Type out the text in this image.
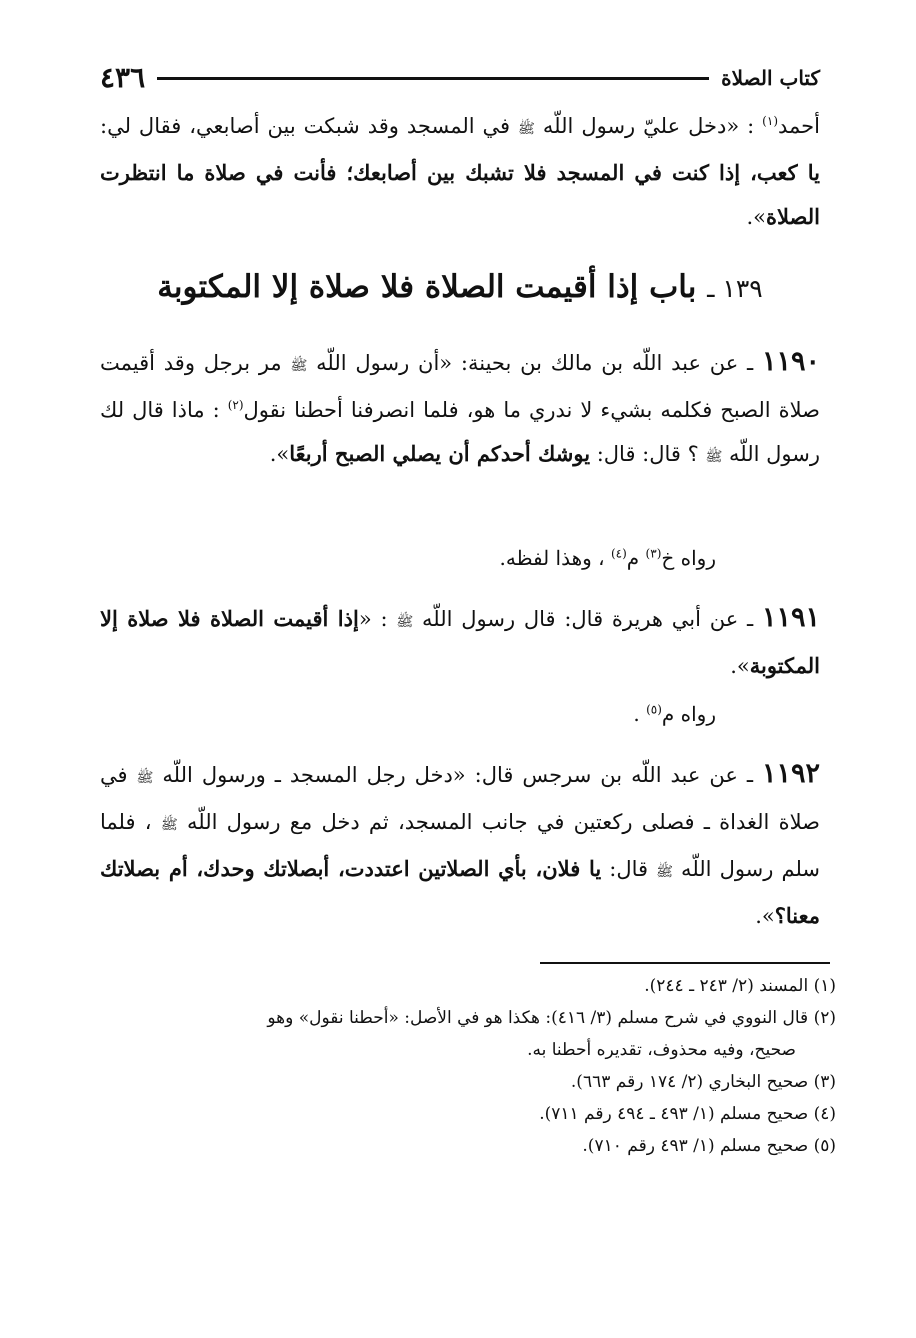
كتاب الصلاة
٤٣٦
أحمد$^{(١)}$ : «دخل عليّ رسول اللّه ﷺ في المسجد وقد شبكت بين أصابعي، فقال لي: يا كعب، إذا كنت في المسجد فلا تشبك بين أصابعك؛ فأنت في صلاة ما انتظرت الصلاة».
١٣٩ ـ باب إذا أقيمت الصلاة فلا صلاة إلا المكتوبة
١١٩٠ ـ عن عبد اللّه بن مالك بن بحينة: «أن رسول اللّه ﷺ مر برجل وقد أقيمت صلاة الصبح فكلمه بشيء لا ندري ما هو، فلما انصرفنا أحطنا نقول$^{(٢)}$ : ماذا قال لك رسول اللّه ﷺ ؟ قال: قال: يوشك أحدكم أن يصلي الصبح أربعًا».
رواه خ$^{(٣)}$ م$^{(٤)}$ ، وهذا لفظه.
١١٩١ ـ عن أبي هريرة قال: قال رسول اللّه ﷺ : «إذا أقيمت الصلاة فلا صلاة إلا المكتوبة».
رواه م$^{(٥)}$ .
١١٩٢ ـ عن عبد اللّه بن سرجس قال: «دخل رجل المسجد ـ ورسول اللّه ﷺ في صلاة الغداة ـ فصلى ركعتين في جانب المسجد، ثم دخل مع رسول اللّه ﷺ ، فلما سلم رسول اللّه ﷺ قال: يا فلان، بأي الصلاتين اعتددت، أبصلاتك وحدك، أم بصلاتك معنا؟».
(١) المسند (٢/ ٢٤٣ ـ ٢٤٤).
(٢) قال النووي في شرح مسلم (٣/ ٤١٦): هكذا هو في الأصل: «أحطنا نقول» وهو
صحيح، وفيه محذوف، تقديره أحطنا به.
(٣) صحيح البخاري (٢/ ١٧٤ رقم ٦٦٣).
(٤) صحيح مسلم (١/ ٤٩٣ ـ ٤٩٤ رقم ٧١١).
(٥) صحيح مسلم (١/ ٤٩٣ رقم ٧١٠).
